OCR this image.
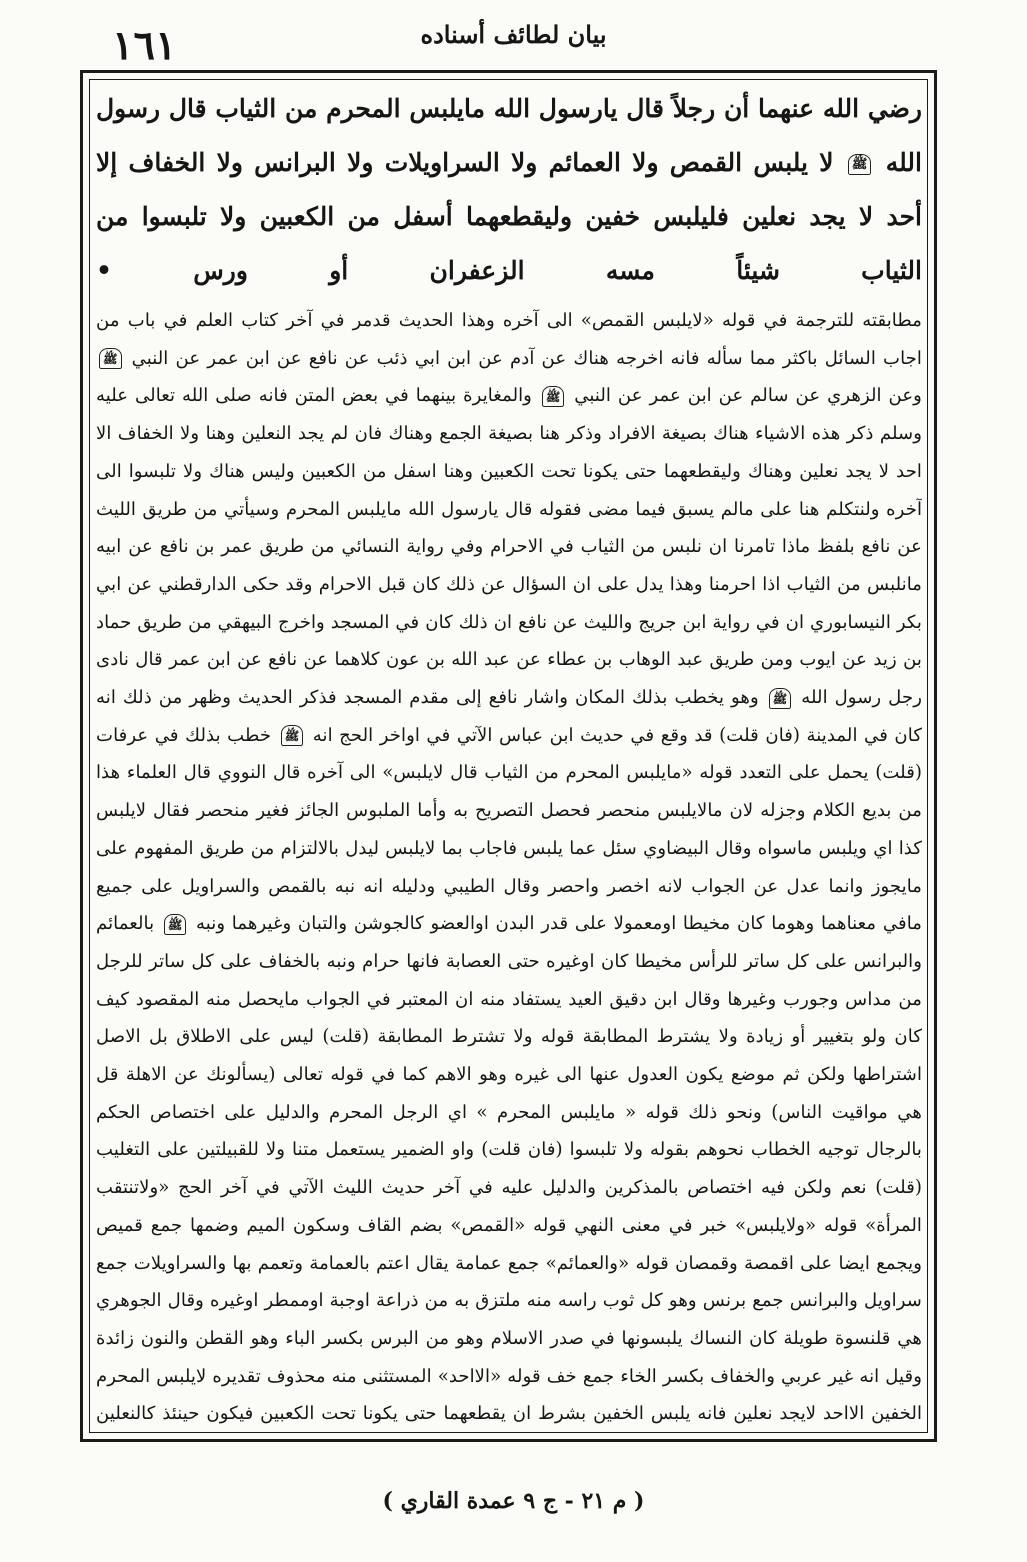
١٦١	بيان لطائف أسناده

رضي الله عنهما أن رجلاً قال يارسول الله مايلبس المحرم من الثياب قال رسول الله ﷺ لا يلبس القمص ولا العمائم ولا السراويلات ولا البرانس ولا الخفاف إلا أحد لا يجد نعلين فليلبس خفين وليقطعهما أسفل من الكعبين ولا تلبسوا من الثياب شيئاً مسه الزعفران أو ورس •

مطابقته للترجمة في قوله «لايلبس القمص» الى آخره وهذا الحديث قدمر في آخر كتاب العلم في باب من اجاب السائل باكثر مما سأله فانه اخرجه هناك عن آدم عن ابن ابي ذئب عن نافع عن ابن عمر عن النبي ﷺ وعن الزهري عن سالم عن ابن عمر عن النبي ﷺ والمغايرة بينهما في بعض المتن فانه صلى الله تعالى عليه وسلم ذكر هذه الاشياء هناك بصيغة الافراد وذكر هنا بصيغة الجمع وهناك فان لم يجد النعلين وهنا ولا الخفاف الا احد لا يجد نعلين وهناك وليقطعهما حتى يكونا تحت الكعبين وهنا اسفل من الكعبين وليس هناك ولا تلبسوا الى آخره ولنتكلم هنا على مالم يسبق فيما مضى فقوله قال يارسول الله مايلبس المحرم وسيأتي من طريق الليث عن نافع بلفظ ماذا تامرنا ان نلبس من الثياب في الاحرام وفي رواية النسائي من طريق عمر بن نافع عن ابيه مانلبس من الثياب اذا احرمنا وهذا يدل على ان السؤال عن ذلك كان قبل الاحرام وقد حكى الدارقطني عن ابي بكر النيسابوري ان في رواية ابن جريج والليث عن نافع ان ذلك كان في المسجد واخرج البيهقي من طريق حماد بن زيد عن ايوب ومن طريق عبد الوهاب بن عطاء عن عبد الله بن عون كلاهما عن نافع عن ابن عمر قال نادى رجل رسول الله ﷺ وهو يخطب بذلك المكان واشار نافع إلى مقدم المسجد فذكر الحديث وظهر من ذلك انه كان في المدينة (فان قلت) قد وقع في حديث ابن عباس الآتي في اواخر الحج انه ﷺ خطب بذلك في عرفات (قلت) يحمل على التعدد قوله «مايلبس المحرم من الثياب قال لايلبس» الى آخره قال النووي قال العلماء هذا من بديع الكلام وجزله لان مالايلبس منحصر فحصل التصريح به وأما الملبوس الجائز فغير منحصر فقال لايلبس كذا اي ويلبس ماسواه وقال البيضاوي سئل عما يلبس فاجاب بما لايلبس ليدل بالالتزام من طريق المفهوم على مايجوز وانما عدل عن الجواب لانه اخصر واحصر وقال الطيبي ودليله انه نبه بالقمص والسراويل على جميع مافي معناهما وهوما كان مخيطا اومعمولا على قدر البدن اوالعضو كالجوشن والتبان وغيرهما ونبه ﷺ بالعمائم والبرانس على كل ساتر للرأس مخيطا كان اوغيره حتى العصابة فانها حرام ونبه بالخفاف على كل ساتر للرجل من مداس وجورب وغيرها وقال ابن دقيق العيد يستفاد منه ان المعتبر في الجواب مايحصل منه المقصود كيف كان ولو بتغيير أو زيادة ولا يشترط المطابقة قوله ولا تشترط المطابقة (قلت) ليس على الاطلاق بل الاصل اشتراطها ولكن ثم موضع يكون العدول عنها الى غيره وهو الاهم كما في قوله تعالى (يسألونك عن الاهلة قل هي مواقيت الناس) ونحو ذلك قوله « مايلبس المحرم » اي الرجل المحرم والدليل على اختصاص الحكم بالرجال توجيه الخطاب نحوهم بقوله ولا تلبسوا (فان قلت) واو الضمير يستعمل متنا ولا للقبيلتين على التغليب (قلت) نعم ولكن فيه اختصاص بالمذكرين والدليل عليه في آخر حديث الليث الآتي في آخر الحج «ولاتنتقب المرأة» قوله «ولايلبس» خبر في معنى النهي قوله «القمص» بضم القاف وسكون الميم وضمها جمع قميص ويجمع ايضا على اقمصة وقمصان قوله «والعمائم» جمع عمامة يقال اعتم بالعمامة وتعمم بها والسراويلات جمع سراويل والبرانس جمع برنس وهو كل ثوب راسه منه ملتزق به من ذراعة اوجبة اوممطر اوغيره وقال الجوهري هي قلنسوة طويلة كان النساك يلبسونها في صدر الاسلام وهو من البرس بكسر الباء وهو القطن والنون زائدة وقيل انه غير عربي والخفاف بكسر الخاء جمع خف قوله «الااحد» المستثنى منه محذوف تقديره لايلبس المحرم الخفين الااحد لايجد نعلين فانه يلبس الخفين بشرط ان يقطعهما حتى يكونا تحت الكعبين فيكون حينئذ كالنعلين

( م ٢١ - ج ٩ عمدة القاري )
